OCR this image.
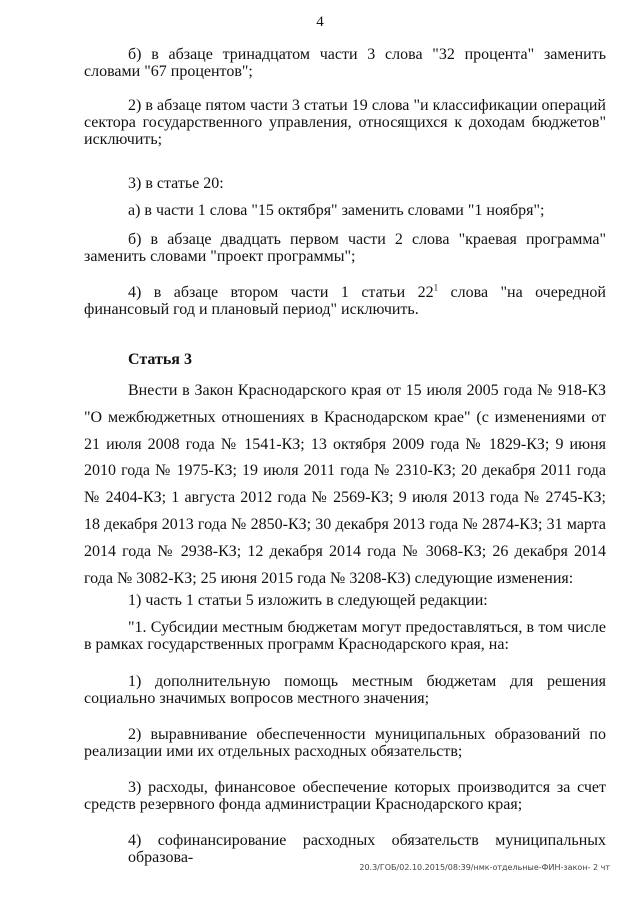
4

б) в абзаце тринадцатом части 3 слова "32 процента" заменить словами "67 процентов";

2) в абзаце пятом части 3 статьи 19 слова "и классификации операций сектора государственного управления, относящихся к доходам бюджетов" исключить;

3) в статье 20:

а) в части 1 слова "15 октября" заменить словами "1 ноября";

б) в абзаце двадцать первом части 2 слова "краевая программа" заменить словами "проект программы";

4) в абзаце втором части 1 статьи $22^1$ слова "на очередной финансовый год и плановый период" исключить.

Статья 3

Внести в Закон Краснодарского края от 15 июля 2005 года № 918-КЗ "О межбюджетных отношениях в Краснодарском крае" (с изменениями от 21 июля 2008 года № 1541-КЗ; 13 октября 2009 года № 1829-КЗ; 9 июня 2010 года № 1975-КЗ; 19 июля 2011 года № 2310-КЗ; 20 декабря 2011 года № 2404-КЗ; 1 августа 2012 года № 2569-КЗ; 9 июля 2013 года № 2745-КЗ; 18 декабря 2013 года № 2850-КЗ; 30 декабря 2013 года № 2874-КЗ; 31 марта 2014 года № 2938-КЗ; 12 декабря 2014 года № 3068-КЗ; 26 декабря 2014 года № 3082-КЗ; 25 июня 2015 года № 3208-КЗ) следующие изменения:

1) часть 1 статьи 5 изложить в следующей редакции:

"1. Субсидии местным бюджетам могут предоставляться, в том числе в рамках государственных программ Краснодарского края, на:

1) дополнительную помощь местным бюджетам для решения социально значимых вопросов местного значения;

2) выравнивание обеспеченности муниципальных образований по реализации ими их отдельных расходных обязательств;

3) расходы, финансовое обеспечение которых производится за счет средств резервного фонда администрации Краснодарского края;

4) софинансирование расходных обязательств муниципальных образова-

20.3/ГОБ/02.10.2015/08:39/нмк-отдельные-ФИН-закон- 2 чт
